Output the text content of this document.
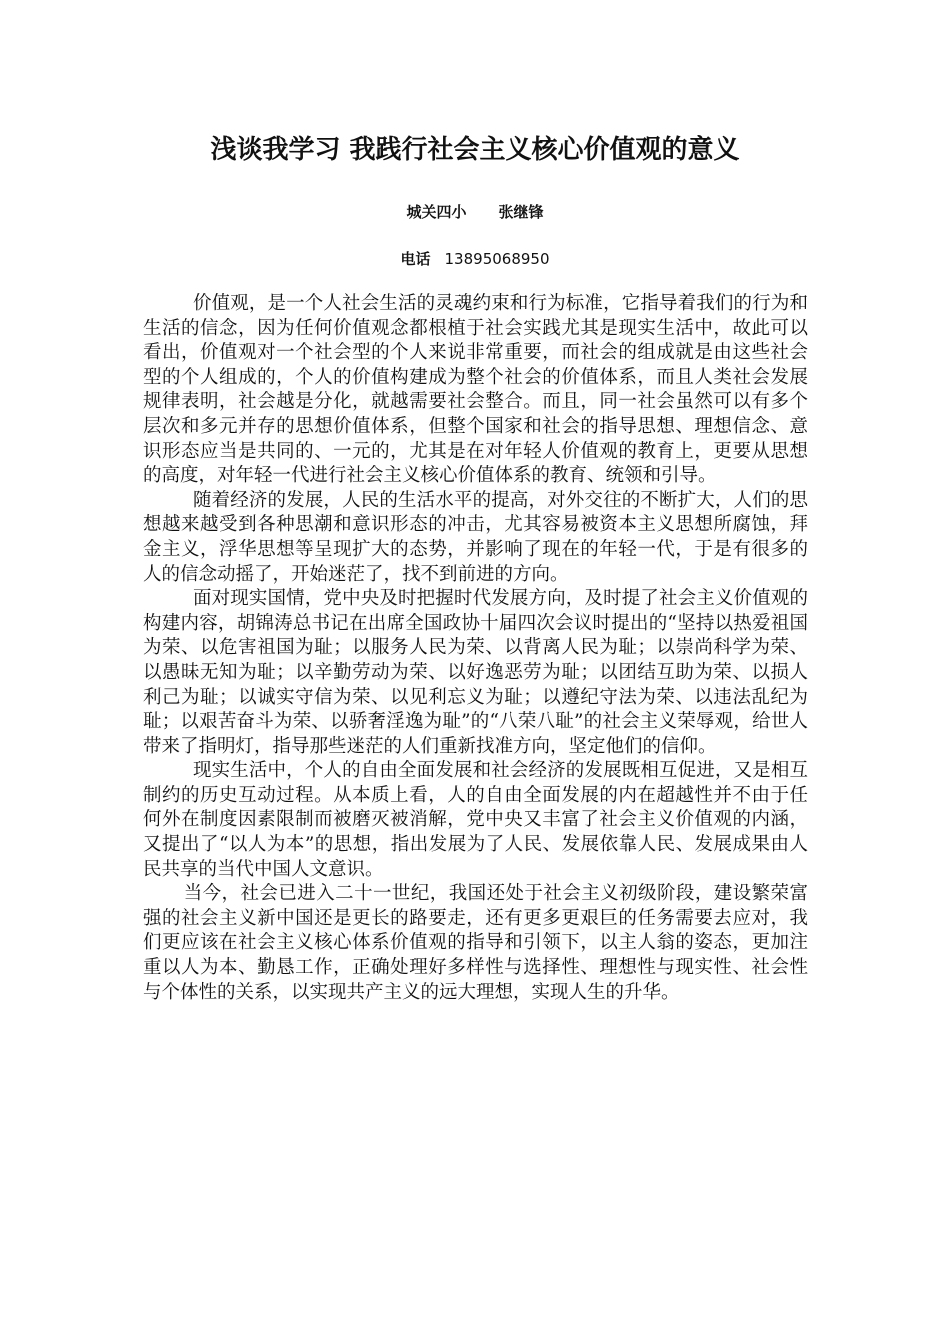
浅谈我学习 我践行社会主义核心价值观的意义
城关四小 张继锋
电话 13895068950

价值观，是一个人社会生活的灵魂约束和行为标准，它指导着我们的行为和生活的信念，因为任何价值观念都根植于社会实践尤其是现实生活中，故此可以看出，价值观对一个社会型的个人来说非常重要，而社会的组成就是由这些社会型的个人组成的，个人的价值构建成为整个社会的价值体系，而且人类社会发展规律表明，社会越是分化，就越需要社会整合。而且，同一社会虽然可以有多个层次和多元并存的思想价值体系，但整个国家和社会的指导思想、理想信念、意识形态应当是共同的、一元的，尤其是在对年轻人价值观的教育上，更要从思想的高度，对年轻一代进行社会主义核心价值体系的教育、统领和引导。

随着经济的发展，人民的生活水平的提高，对外交往的不断扩大，人们的思想越来越受到各种思潮和意识形态的冲击，尤其容易被资本主义思想所腐蚀，拜金主义，浮华思想等呈现扩大的态势，并影响了现在的年轻一代，于是有很多的人的信念动摇了，开始迷茫了，找不到前进的方向。

面对现实国情，党中央及时把握时代发展方向，及时提了社会主义价值观的构建内容，胡锦涛总书记在出席全国政协十届四次会议时提出的“坚持以热爱祖国为荣、以危害祖国为耻；以服务人民为荣、以背离人民为耻；以崇尚科学为荣、以愚昧无知为耻；以辛勤劳动为荣、以好逸恶劳为耻；以团结互助为荣、以损人利己为耻；以诚实守信为荣、以见利忘义为耻；以遵纪守法为荣、以违法乱纪为耻；以艰苦奋斗为荣、以骄奢淫逸为耻”的“八荣八耻”的社会主义荣辱观，给世人带来了指明灯，指导那些迷茫的人们重新找准方向，坚定他们的信仰。

现实生活中，个人的自由全面发展和社会经济的发展既相互促进，又是相互制约的历史互动过程。从本质上看，人的自由全面发展的内在超越性并不由于任何外在制度因素限制而被磨灭被消解，党中央又丰富了社会主义价值观的内涵，又提出了“以人为本”的思想，指出发展为了人民、发展依靠人民、发展成果由人民共享的当代中国人文意识。

当今，社会已进入二十一世纪，我国还处于社会主义初级阶段，建设繁荣富强的社会主义新中国还是更长的路要走，还有更多更艰巨的任务需要去应对，我们更应该在社会主义核心体系价值观的指导和引领下，以主人翁的姿态，更加注重以人为本、勤恳工作，正确处理好多样性与选择性、理想性与现实性、社会性与个体性的关系，以实现共产主义的远大理想，实现人生的升华。
